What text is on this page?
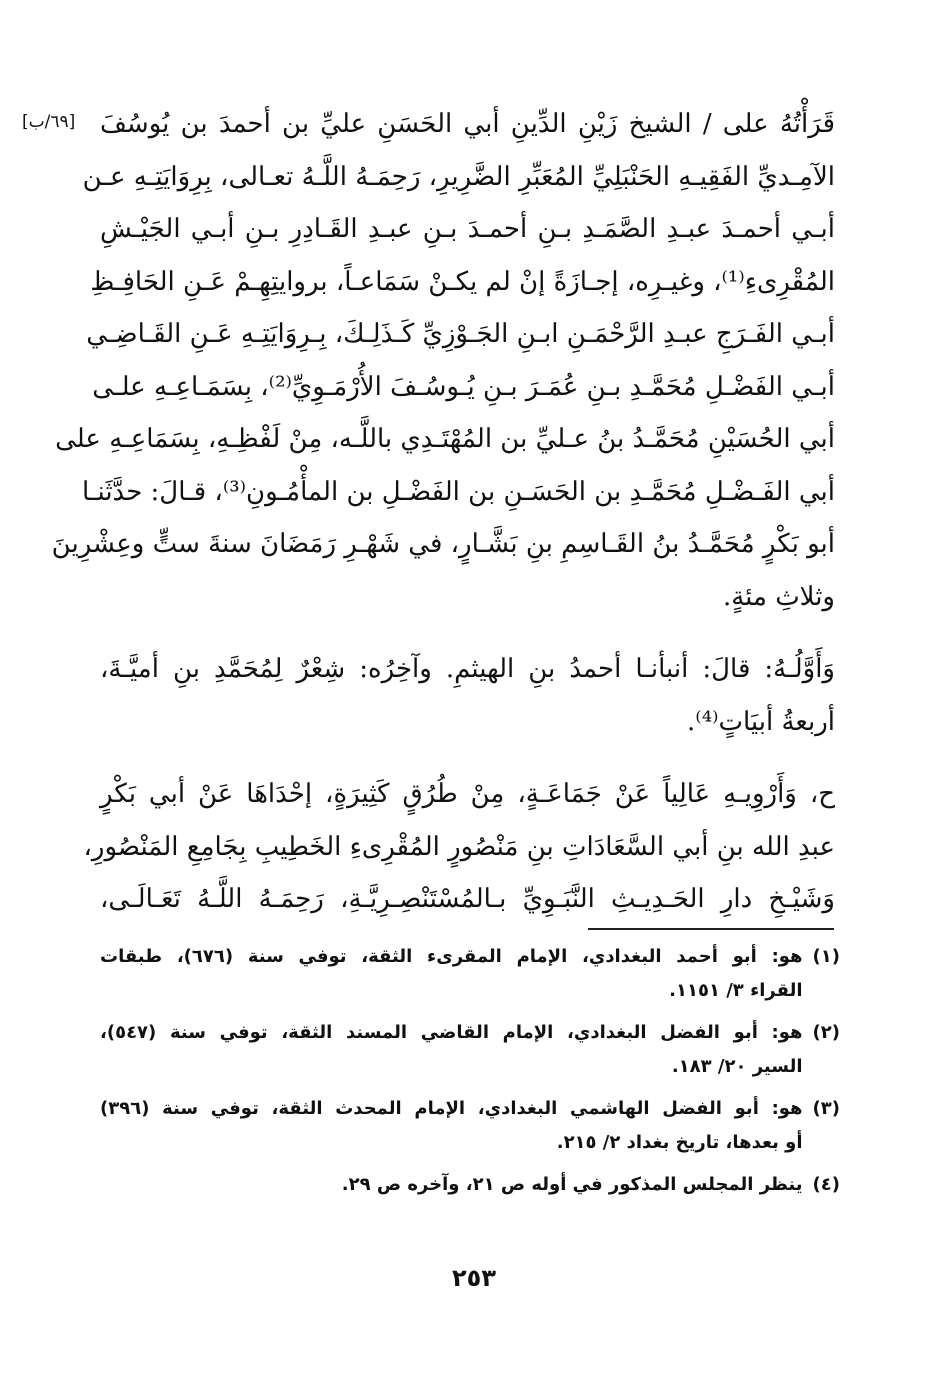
[٦٩/ب] قَرَأْتُهُ على / الشيخ زَيْنِ الدِّينِ أبي الحَسَنِ عليِّ بن أحمدَ بن يُوسُفَ
الآمِـديِّ الفَقِيـهِ الحَنْبَلِيِّ المُعَبِّرِ الضَّرِيرِ، رَحِمَـهُ اللَّـهُ تعـالى، بِرِوَايَتِـهِ عـن
أبـي أحمـدَ عبـدِ الصَّمَـدِ بـنِ أحمـدَ بـنِ عبـدِ القَـادِرِ بـنِ أبـي الجَيْـشِ
المُقْرِىءِ⁽¹⁾، وغيـرِه، إجـازَةً إنْ لم يكـنْ سَمَاعـاً، بروايتِهِـمْ عَـنِ الحَافِـظِ
أبـي الفَـرَجِ عبـدِ الرَّحْمَـنِ ابـنِ الجَـوْزِيِّ كَـذَلِـكَ، بِـرِوَايَتِـهِ عَـنِ القَـاضِـي
أبـي الفَضْـلِ مُحَمَّـدِ بـنِ عُمَـرَ بـنِ يُـوسُـفَ الأُرْمَـوِيِّ⁽²⁾، بِسَمَـاعِـهِ علـى
أبي الحُسَيْنِ مُحَمَّـدُ بنُ عـليِّ بن المُهْتَـدِي باللَّـه، مِنْ لَفْظِـهِ، بِسَمَاعِـهِ على
أبي الفَـضْـلِ مُحَمَّـدِ بن الحَسَـنِ بن الفَضْـلِ بن المأْمُـونِ⁽³⁾، قـالَ: حدَّثَنـا
أبو بَكْرٍ مُحَمَّـدُ بنُ القَـاسِمِ بنِ بَشَّـارٍ، في شَهْـرِ رَمَضَانَ سنةَ ستٍّ وعِشْرِينَ
وثلاثِ مئةٍ.

وَأَوَّلُـهُ: قالَ: أنبأنـا أحمدُ بنِ الهيثمِ. وآخِرُه: شِعْرٌ لِمُحَمَّدِ بنِ أميَّـةَ،
أربعةُ أبيَاتٍ⁽⁴⁾.

ح، وَأَرْوِيـهِ عَالِياً عَنْ جَمَاعَـةٍ، مِنْ طُرُقٍ كَثِيرَةٍ، إحْدَاهَا عَنْ أبي بَكْرٍ
عبدِ الله بنِ أبي السَّعَادَاتِ بنِ مَنْصُورٍ المُقْرِىءِ الخَطِيبِ بِجَامِعِ المَنْصُورِ،
وَشَيْـخِ دارِ الحَـدِيـثِ النَّبَـوِيِّ بـالمُسْتَنْصِـرِيَّـةِ، رَحِمَـهُ اللَّـهُ تَعَـالَـى،

(١)
هو: أبو أحمد البغدادي، الإمام المقرىء الثقة، توفي سنة (٦٧٦)، طبقات
القراء ٣/ ١١٥١.
(٢)
هو: أبو الفضل البغدادي، الإمام القاضي المسند الثقة، توفي سنة (٥٤٧)،
السير ٢٠/ ١٨٣.
(٣)
هو: أبو الفضل الهاشمي البغدادي، الإمام المحدث الثقة، توفي سنة (٣٩٦)
أو بعدها، تاريخ بغداد ٢/ ٢١٥.
(٤)
ينظر المجلس المذكور في أوله ص ٢١، وآخره ص ٢٩.
٢٥٣
